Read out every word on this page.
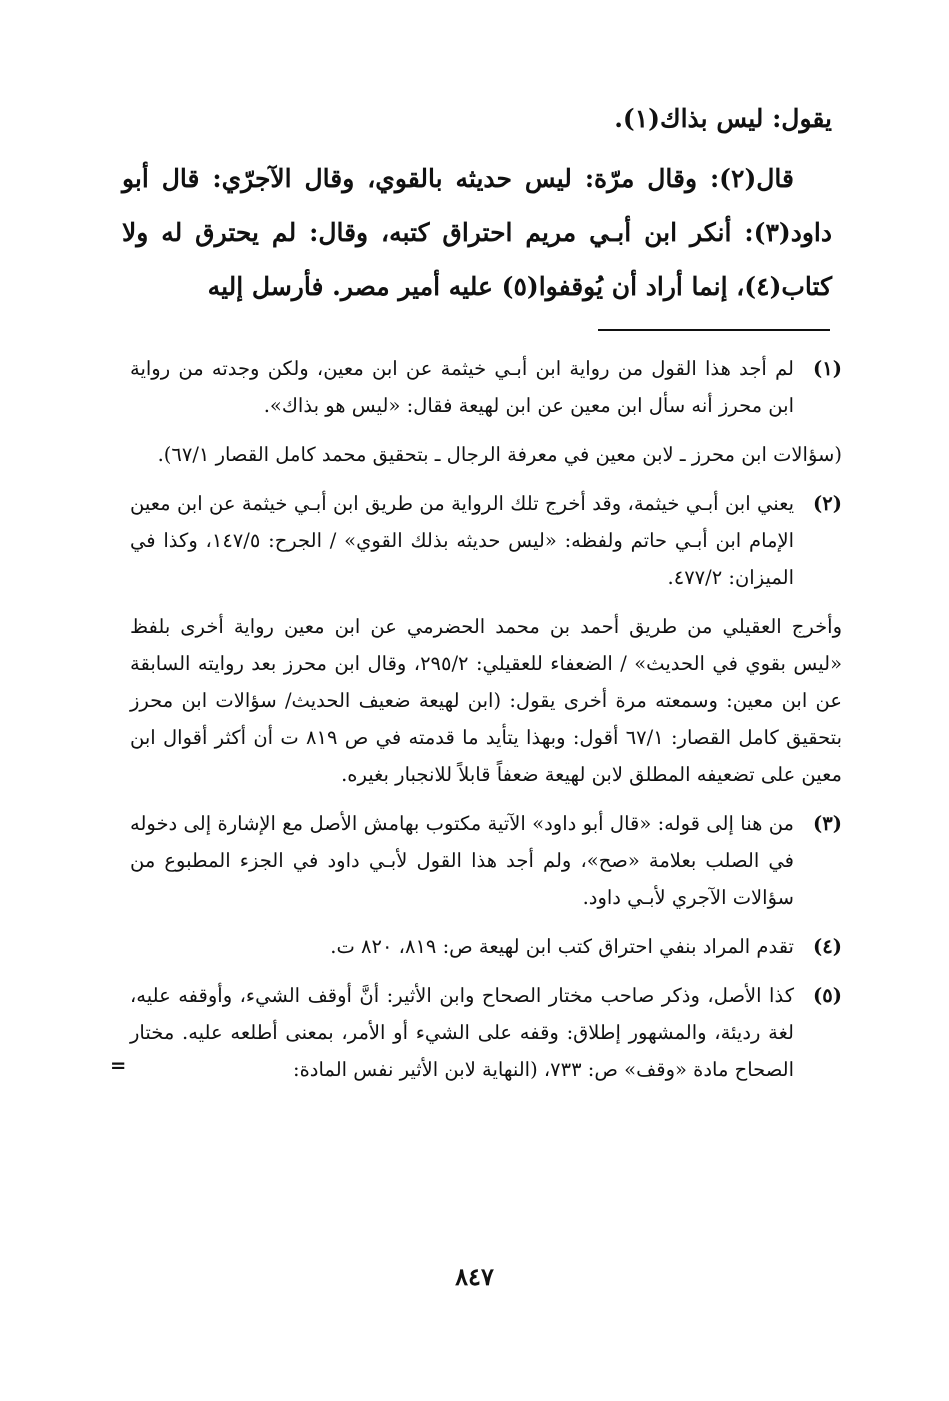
يقول: ليس بذاك(١).
قال(٢): وقال مرّة: ليس حديثه بالقوي، وقال الآجرّي: قال أبو داود(٣): أنكر ابن أبـي مريم احتراق كتبه، وقال: لم يحترق له ولا كتاب(٤)، إنما أراد أن يُوقفوا(٥) عليه أمير مصر. فأرسل إليه
(١)
لم أجد هذا القول من رواية ابن أبـي خيثمة عن ابن معين، ولكن وجدته من رواية ابن محرز أنه سأل ابن معين عن ابن لهيعة فقال: «ليس هو بذاك».
(سؤالات ابن محرز ـ لابن معين في معرفة الرجال ـ بتحقيق محمد كامل القصار ٦٧/١).
(٢)
يعني ابن أبـي خيثمة، وقد أخرج تلك الرواية من طريق ابن أبـي خيثمة عن ابن معين الإمام ابن أبـي حاتم ولفظه: «ليس حديثه بذلك القوي» / الجرح: ١٤٧/٥، وكذا في الميزان: ٤٧٧/٢.
وأخرج العقيلي من طريق أحمد بن محمد الحضرمي عن ابن معين رواية أخرى بلفظ «ليس بقوي في الحديث» / الضعفاء للعقيلي: ٢٩٥/٢، وقال ابن محرز بعد روايته السابقة عن ابن معين: وسمعته مرة أخرى يقول: (ابن لهيعة ضعيف الحديث/ سؤالات ابن محرز بتحقيق كامل القصار: ٦٧/١ أقول: وبهذا يتأيد ما قدمته في ص ٨١٩ ت أن أكثر أقوال ابن معين على تضعيفه المطلق لابن لهيعة ضعفاً قابلاً للانجبار بغيره.
(٣)
من هنا إلى قوله: «قال أبو داود» الآتية مكتوب بهامش الأصل مع الإشارة إلى دخوله في الصلب بعلامة «صح»، ولم أجد هذا القول لأبـي داود في الجزء المطبوع من سؤالات الآجري لأبـي داود.
(٤)
تقدم المراد بنفي احتراق كتب ابن لهيعة ص: ٨١٩، ٨٢٠ ت.
(٥)
كذا الأصل، وذكر صاحب مختار الصحاح وابن الأثير: أنَّ أوقف الشيء، وأوقفه عليه، لغة رديئة، والمشهور إطلاق: وقفه على الشيء أو الأمر، بمعنى أطلعه عليه. مختار الصحاح مادة «وقف» ص: ٧٣٣، (النهاية لابن الأثير نفس المادة:
=
٨٤٧
